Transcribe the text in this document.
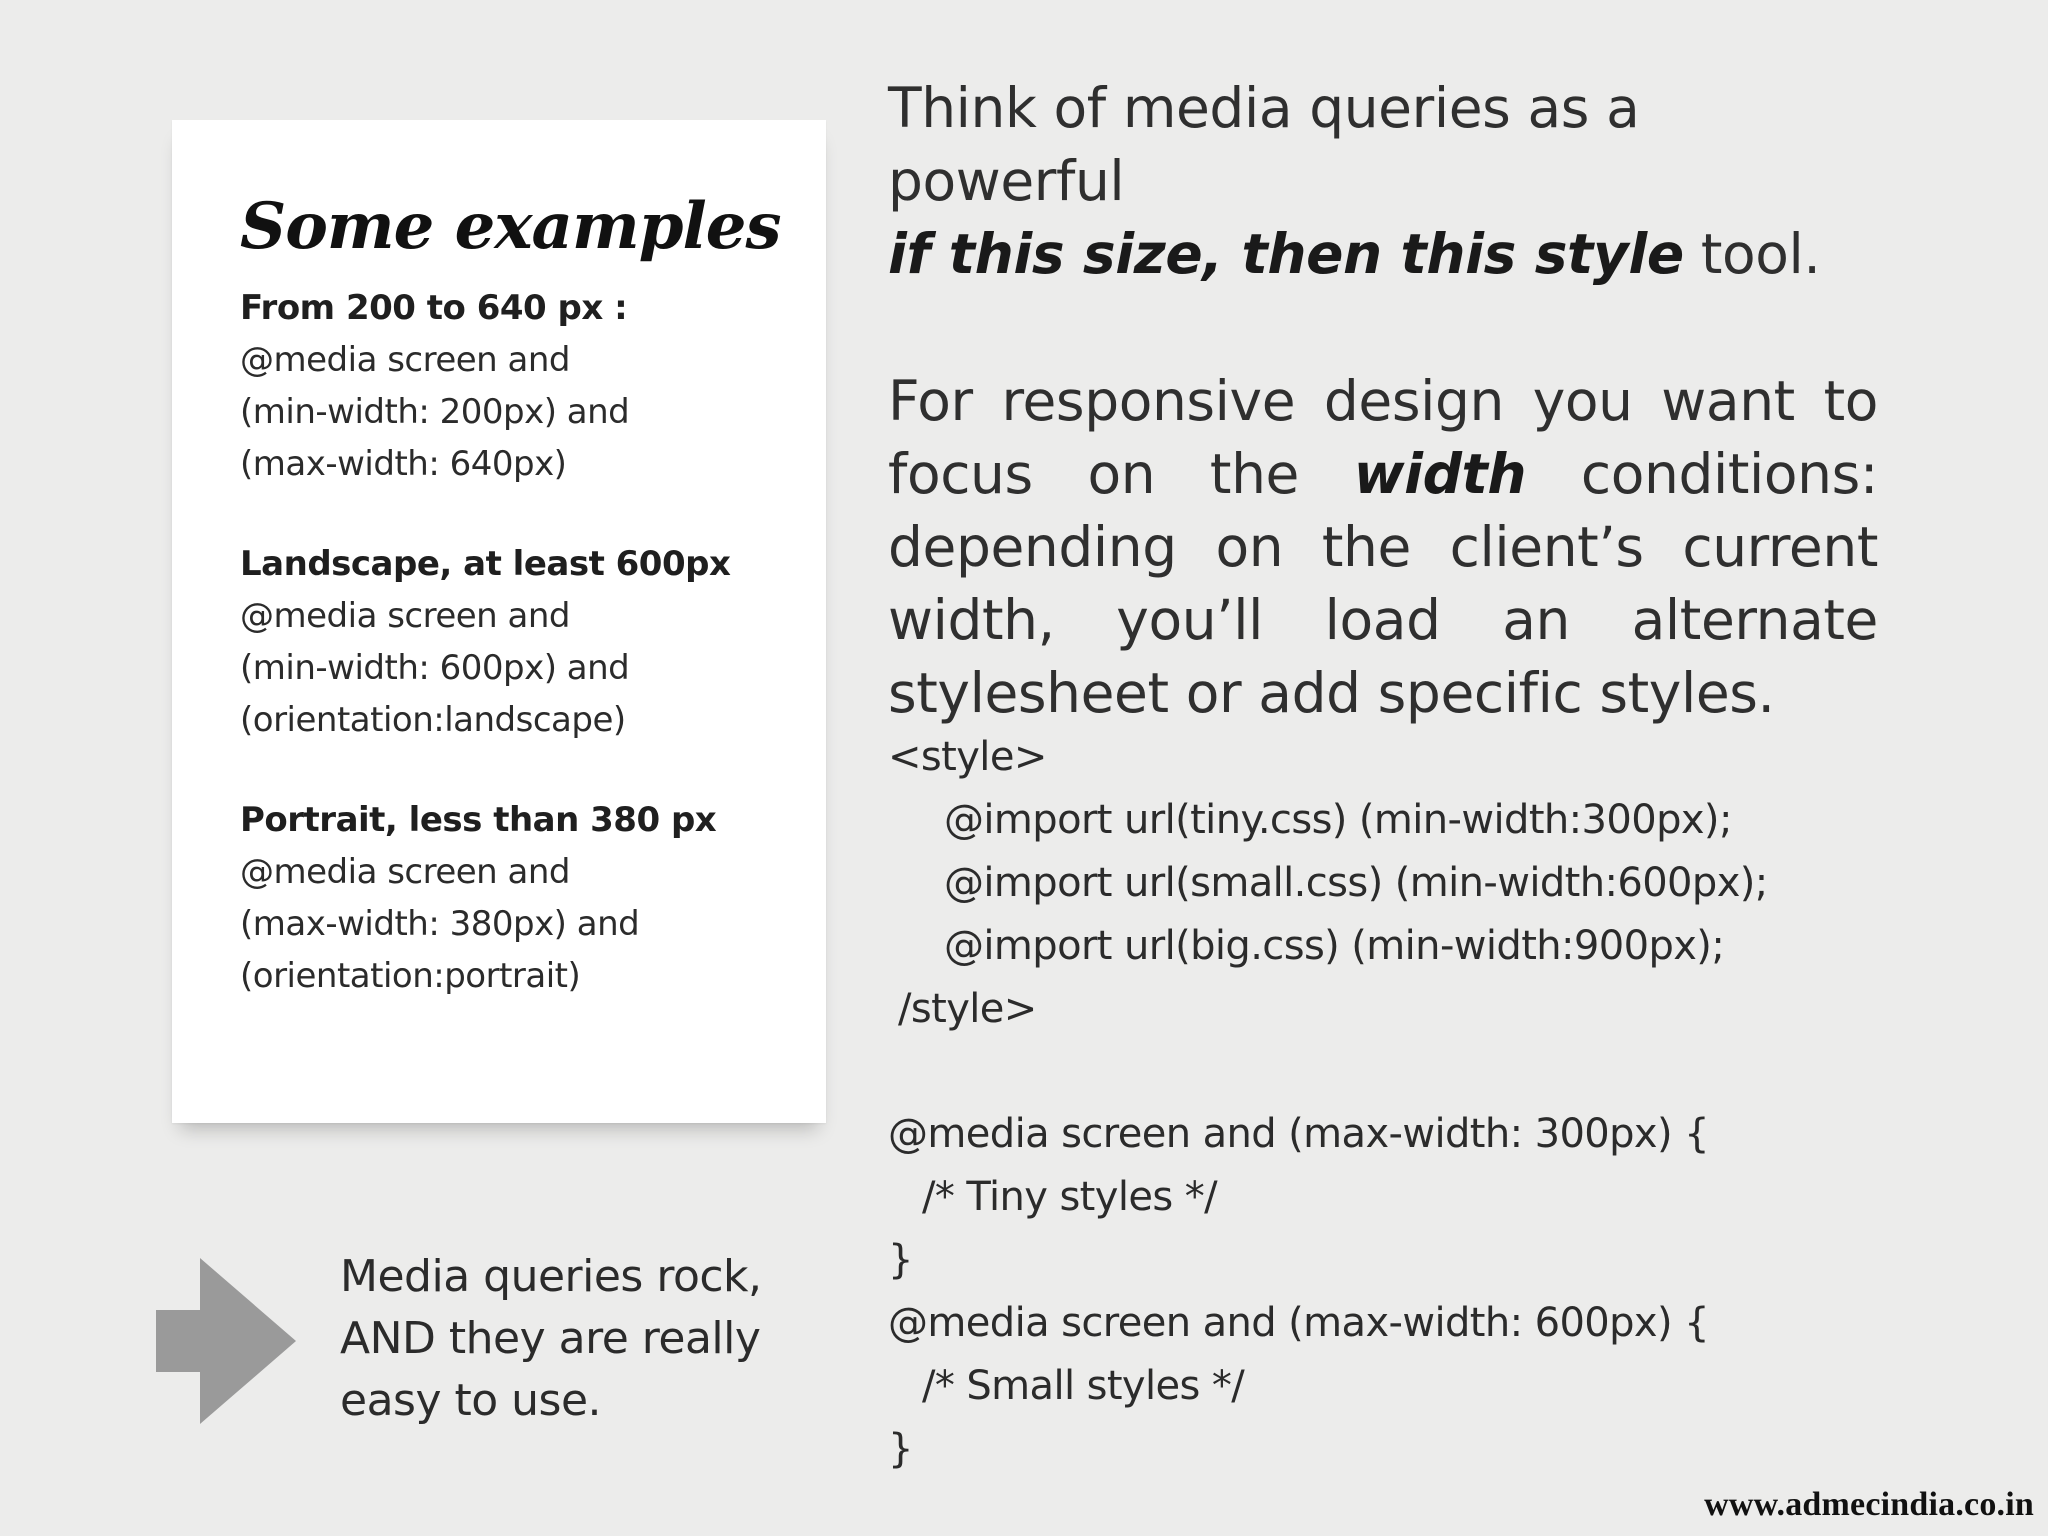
Some examples
From 200 to 640 px :
@media screen and
(min-width: 200px) and
(max-width: 640px)
Landscape, at least 600px
@media screen and
(min-width: 600px) and
(orientation:landscape)
Portrait, less than 380 px
@media screen and
(max-width: 380px) and
(orientation:portrait)
Media queries rock,
AND they are really
easy to use.

Think of media queries as a powerful
if this size, then this style tool.

For responsive design you want to focus on the width conditions: depending on the client’s current width, you’ll load an alternate stylesheet or add specific styles.

<style>
@import url(tiny.css) (min-width:300px);
@import url(small.css) (min-width:600px);
@import url(big.css) (min-width:900px);
/style>
@media screen and (max-width: 300px) {
/* Tiny styles */
}
@media screen and (max-width: 600px) {
/* Small styles */
}
www.admecindia.co.in
